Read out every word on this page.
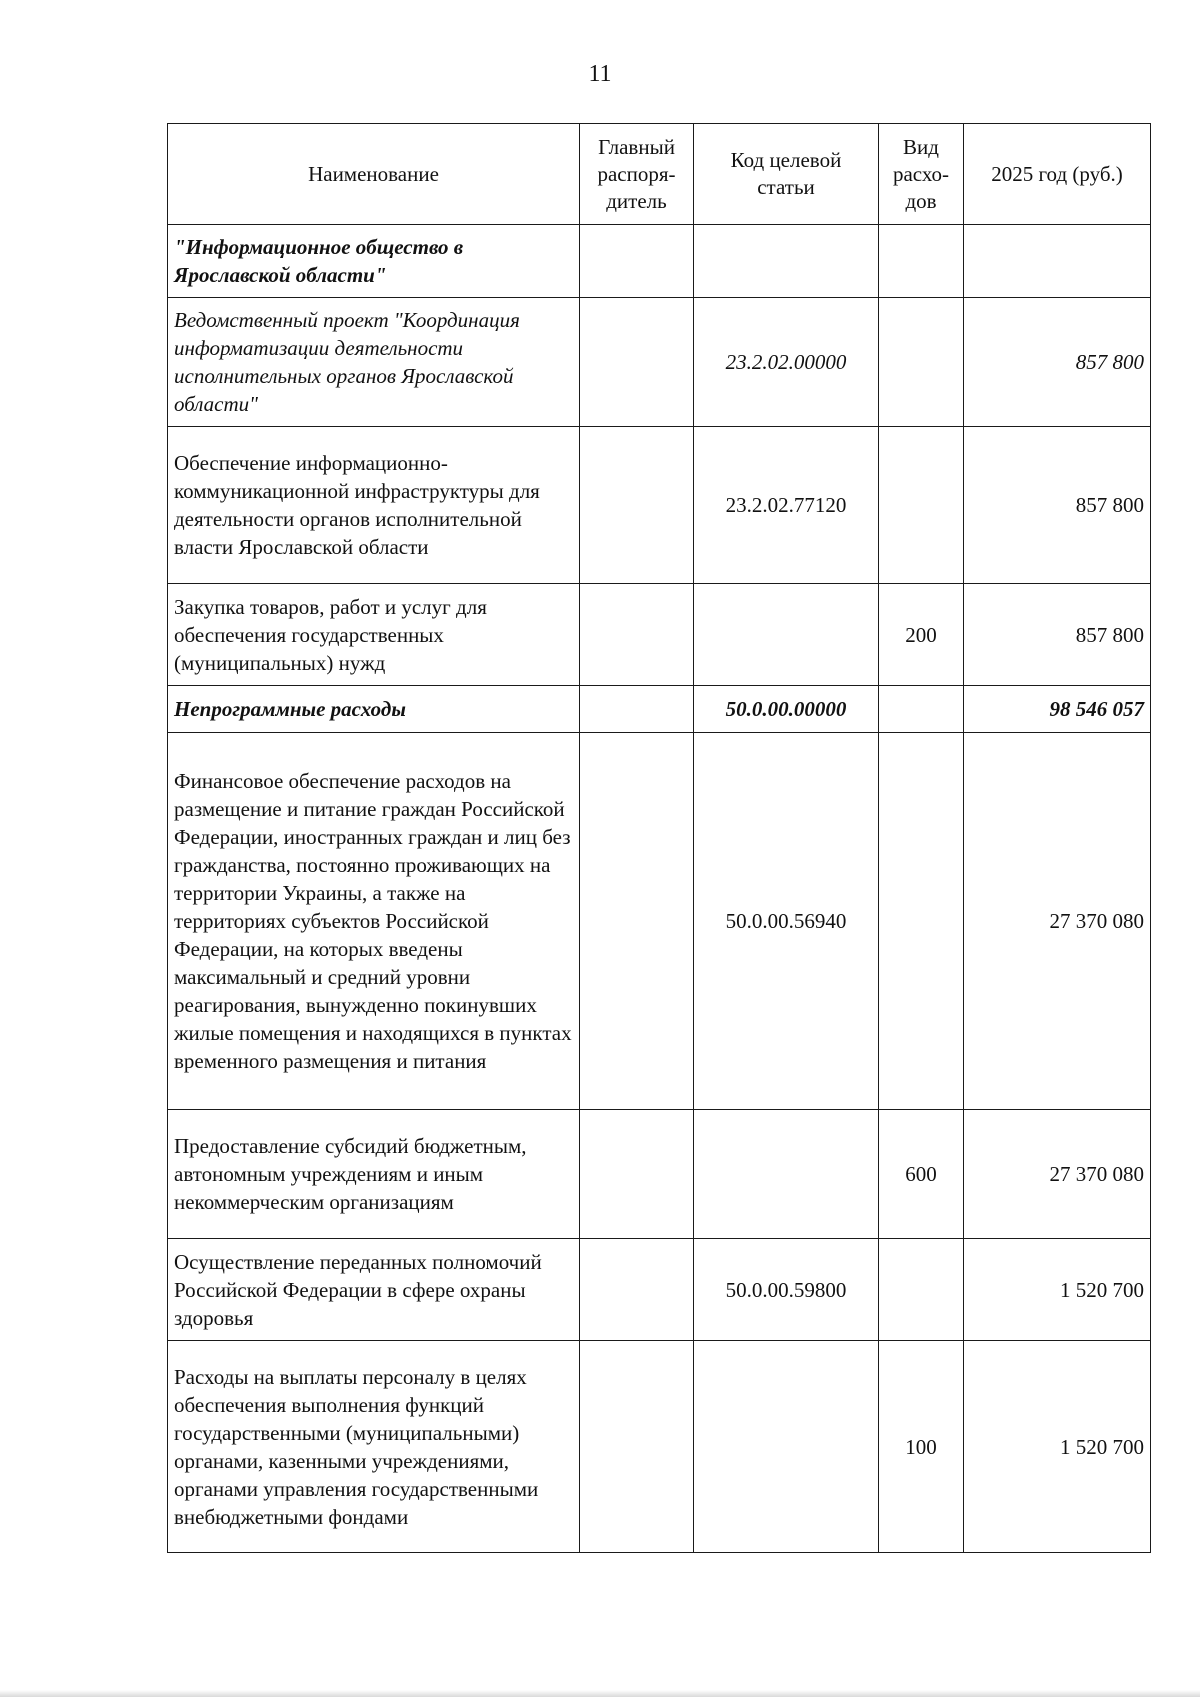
11
Наименование	Главный распоря-дитель	Код целевой статьи	Вид расхо-дов	2025 год (руб.)
"Информационное общество в Ярославской области"				
Ведомственный проект "Координация информатизации деятельности исполнительных органов Ярославской области"		23.2.02.00000		857 800
Обеспечение информационно-коммуникационной инфраструктуры для деятельности органов исполнительной власти Ярославской области		23.2.02.77120		857 800
Закупка товаров, работ и услуг для обеспечения государственных (муниципальных) нужд			200	857 800
Непрограммные расходы		50.0.00.00000		98 546 057
Финансовое обеспечение расходов на размещение и питание граждан Российской Федерации, иностранных граждан и лиц без гражданства, постоянно проживающих на территории Украины, а также на территориях субъектов Российской Федерации, на которых введены максимальный и средний уровни реагирования, вынужденно покинувших жилые помещения и находящихся в пунктах временного размещения и питания		50.0.00.56940		27 370 080
Предоставление субсидий бюджетным, автономным учреждениям и иным некоммерческим организациям			600	27 370 080
Осуществление переданных полномочий Российской Федерации в сфере охраны здоровья		50.0.00.59800		1 520 700
Расходы на выплаты персоналу в целях обеспечения выполнения функций государственными (муниципальными) органами, казенными учреждениями, органами управления государственными внебюджетными фондами			100	1 520 700
